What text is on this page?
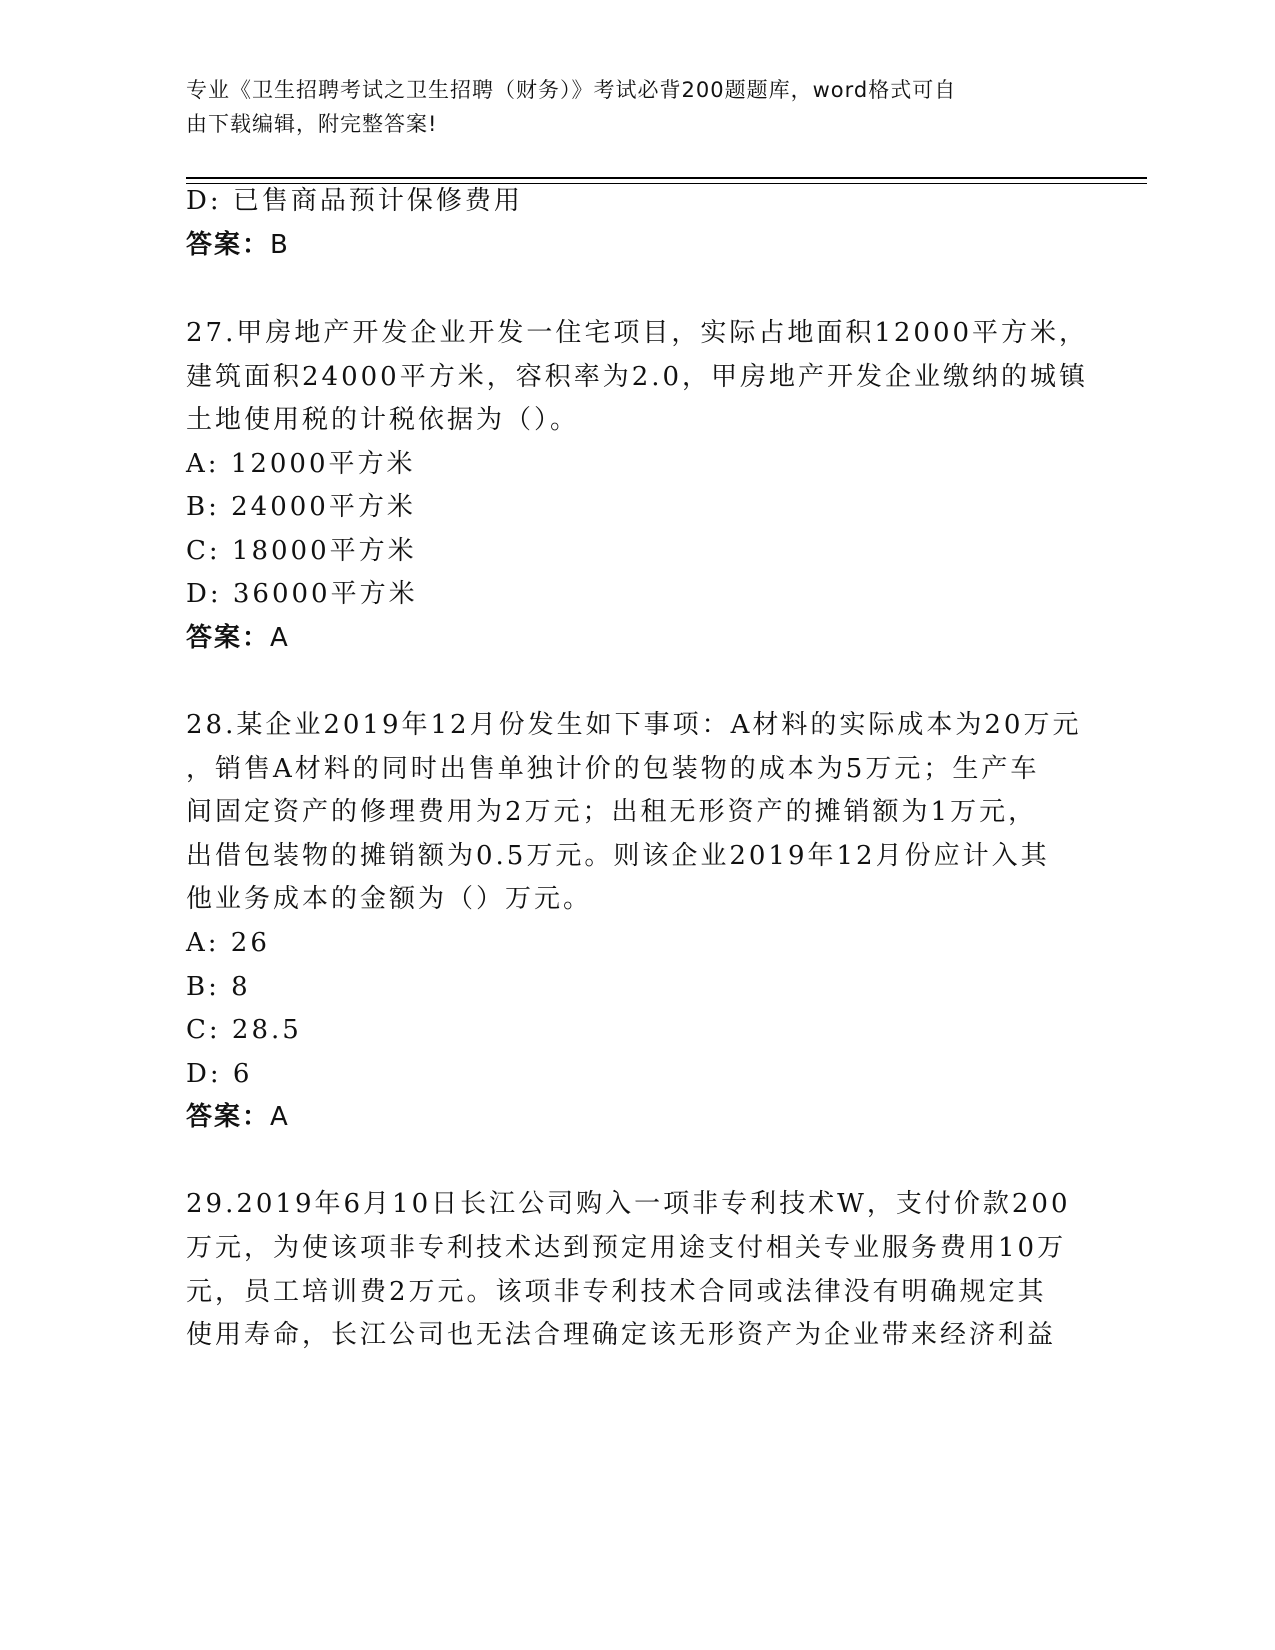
专业《卫生招聘考试之卫生招聘（财务）》考试必背200题题库，word格式可自
由下载编辑，附完整答案!
D: 已售商品预计保修费用
答案：B
27.甲房地产开发企业开发一住宅项目，实际占地面积12000平方米，
建筑面积24000平方米，容积率为2.0，甲房地产开发企业缴纳的城镇
土地使用税的计税依据为（）。
A: 12000平方米
B: 24000平方米
C: 18000平方米
D: 36000平方米
答案：A
28.某企业2019年12月份发生如下事项：A材料的实际成本为20万元
，销售A材料的同时出售单独计价的包装物的成本为5万元；生产车
间固定资产的修理费用为2万元；出租无形资产的摊销额为1万元，
出借包装物的摊销额为0.5万元。则该企业2019年12月份应计入其
他业务成本的金额为（）万元。
A: 26
B: 8
C: 28.5
D: 6
答案：A
29.2019年6月10日长江公司购入一项非专利技术W，支付价款200
万元，为使该项非专利技术达到预定用途支付相关专业服务费用10万
元，员工培训费2万元。该项非专利技术合同或法律没有明确规定其
使用寿命，长江公司也无法合理确定该无形资产为企业带来经济利益
